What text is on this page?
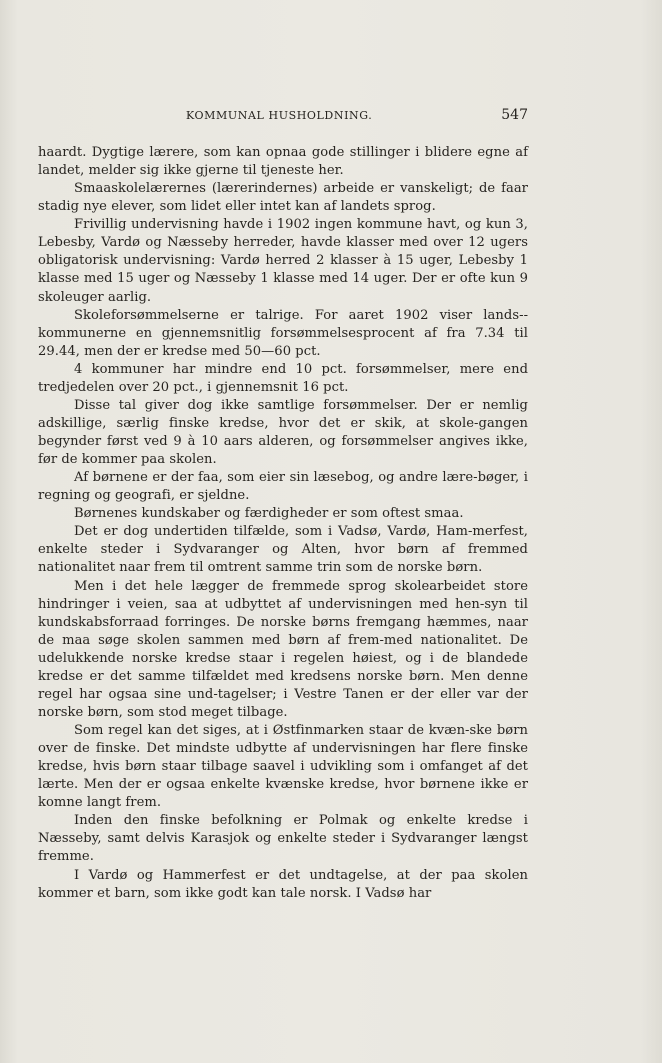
KOMMUNAL HUSHOLDNING.	547

haardt. Dygtige lærere, som kan opnaa gode stillinger i blidere egne af landet, melder sig ikke gjerne til tjeneste her.

Smaaskolelærernes (lærerindernes) arbeide er vanskeligt; de faar stadig nye elever, som lidet eller intet kan af landets sprog.

Frivillig undervisning havde i 1902 ingen kommune havt, og kun 3, Lebesby, Vardø og Næsseby herreder, havde klasser med over 12 ugers obligatorisk undervisning: Vardø herred 2 klasser à 15 uger, Lebesby 1 klasse med 15 uger og Næsseby 1 klasse med 14 uger. Der er ofte kun 9 skoleuger aarlig.

Skoleforsømmelserne er talrige. For aaret 1902 viser lands-kommunerne en gjennemsnitlig forsømmelsesprocent af fra 7.34 til 29.44, men der er kredse med 50—60 pct.

4 kommuner har mindre end 10 pct. forsømmelser, mere end tredjedelen over 20 pct., i gjennemsnit 16 pct.

Disse tal giver dog ikke samtlige forsømmelser. Der er nemlig adskillige, særlig finske kredse, hvor det er skik, at skole-gangen begynder først ved 9 à 10 aars alderen, og forsømmelser angives ikke, før de kommer paa skolen.

Af børnene er der faa, som eier sin læsebog, og andre lære-bøger, i regning og geografi, er sjeldne.

Børnenes kundskaber og færdigheder er som oftest smaa.

Det er dog undertiden tilfælde, som i Vadsø, Vardø, Ham-merfest, enkelte steder i Sydvaranger og Alten, hvor børn af fremmed nationalitet naar frem til omtrent samme trin som de norske børn.

Men i det hele lægger de fremmede sprog skolearbeidet store hindringer i veien, saa at udbyttet af undervisningen med hen-syn til kundskabsforraad forringes. De norske børns fremgang hæmmes, naar de maa søge skolen sammen med børn af frem-med nationalitet. De udelukkende norske kredse staar i regelen høiest, og i de blandede kredse er det samme tilfældet med kredsens norske børn. Men denne regel har ogsaa sine und-tagelser; i Vestre Tanen er der eller var der norske børn, som stod meget tilbage.

Som regel kan det siges, at i Østfinmarken staar de kvæn-ske børn over de finske. Det mindste udbytte af undervisningen har flere finske kredse, hvis børn staar tilbage saavel i udvikling som i omfanget af det lærte. Men der er ogsaa enkelte kvænske kredse, hvor børnene ikke er komne langt frem.

Inden den finske befolkning er Polmak og enkelte kredse i Næsseby, samt delvis Karasjok og enkelte steder i Sydvaranger længst fremme.

I Vardø og Hammerfest er det undtagelse, at der paa skolen kommer et barn, som ikke godt kan tale norsk. I Vadsø har
